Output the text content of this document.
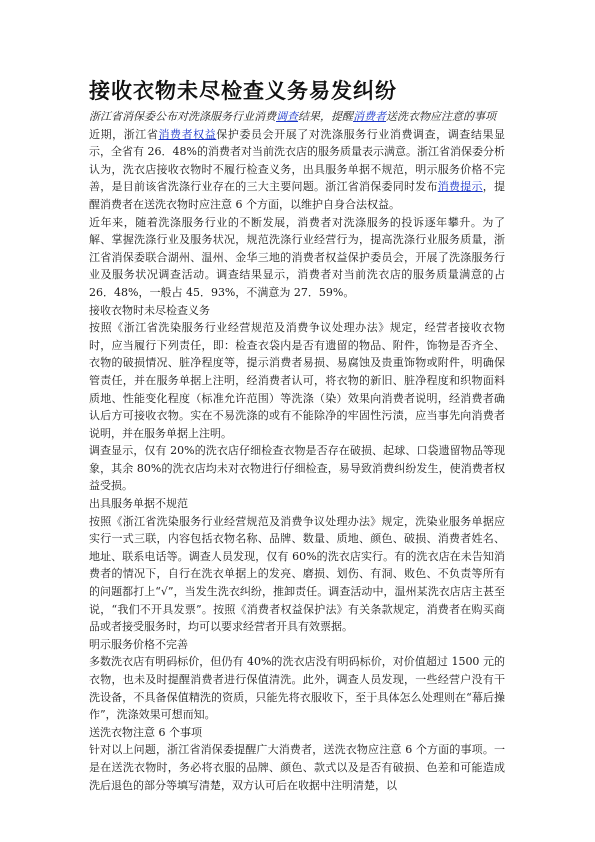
接收衣物未尽检查义务易发纠纷

浙江省消保委公布对洗涤服务行业消费调查结果，提醒消费者送洗衣物应注意的事项

近期，浙江省消费者权益保护委员会开展了对洗涤服务行业消费调查，调查结果显示，全省有 26．48%的消费者对当前洗衣店的服务质量表示满意。浙江省消保委分析认为，洗衣店接收衣物时不履行检查义务，出具服务单据不规范，明示服务价格不完善，是目前该省洗涤行业存在的三大主要问题。浙江省消保委同时发布消费提示，提醒消费者在送洗衣物时应注意 6 个方面，以维护自身合法权益。

近年来，随着洗涤服务行业的不断发展，消费者对洗涤服务的投诉逐年攀升。为了解、掌握洗涤行业及服务状况，规范洗涤行业经营行为，提高洗涤行业服务质量，浙江省消保委联合湖州、温州、金华三地的消费者权益保护委员会，开展了洗涤服务行业及服务状况调查活动。调查结果显示，消费者对当前洗衣店的服务质量满意的占 26．48%，一般占 45．93%，不满意为 27．59%。

接收衣物时未尽检查义务

按照《浙江省洗染服务行业经营规范及消费争议处理办法》规定，经营者接收衣物时，应当履行下列责任，即：检查衣袋内是否有遗留的物品、附件，饰物是否齐全、衣物的破损情况、脏净程度等，提示消费者易损、易腐蚀及贵重饰物或附件，明确保管责任，并在服务单据上注明，经消费者认可，将衣物的新旧、脏净程度和织物面料质地、性能变化程度（标准允许范围）等洗涤（染）效果向消费者说明，经消费者确认后方可接收衣物。实在不易洗涤的或有不能除净的牢固性污渍，应当事先向消费者说明，并在服务单据上注明。

调查显示，仅有 20%的洗衣店仔细检查衣物是否存在破损、起球、口袋遗留物品等现象，其余 80%的洗衣店均未对衣物进行仔细检查，易导致消费纠纷发生，使消费者权益受损。

出具服务单据不规范

按照《浙江省洗染服务行业经营规范及消费争议处理办法》规定，洗染业服务单据应实行一式三联，内容包括衣物名称、品牌、数量、质地、颜色、破损、消费者姓名、地址、联系电话等。调查人员发现，仅有 60%的洗衣店实行。有的洗衣店在未告知消费者的情况下，自行在洗衣单据上的发亮、磨损、划伤、有洞、败色、不负责等所有的问题都打上“√”，当发生洗衣纠纷，推卸责任。调查活动中，温州某洗衣店店主甚至说，“我们不开具发票”。按照《消费者权益保护法》有关条款规定，消费者在购买商品或者接受服务时，均可以要求经营者开具有效票据。

明示服务价格不完善

多数洗衣店有明码标价，但仍有 40%的洗衣店没有明码标价，对价值超过 1500 元的衣物，也未及时提醒消费者进行保值清洗。此外，调查人员发现，一些经营户没有干洗设备，不具备保值精洗的资质，只能先将衣服收下，至于具体怎么处理则在“幕后操作”，洗涤效果可想而知。

送洗衣物注意 6 个事项

针对以上问题，浙江省消保委提醒广大消费者，送洗衣物应注意 6 个方面的事项。一是在送洗衣物时，务必将衣服的品牌、颜色、款式以及是否有破损、色差和可能造成洗后退色的部分等填写清楚，双方认可后在收据中注明清楚，以
